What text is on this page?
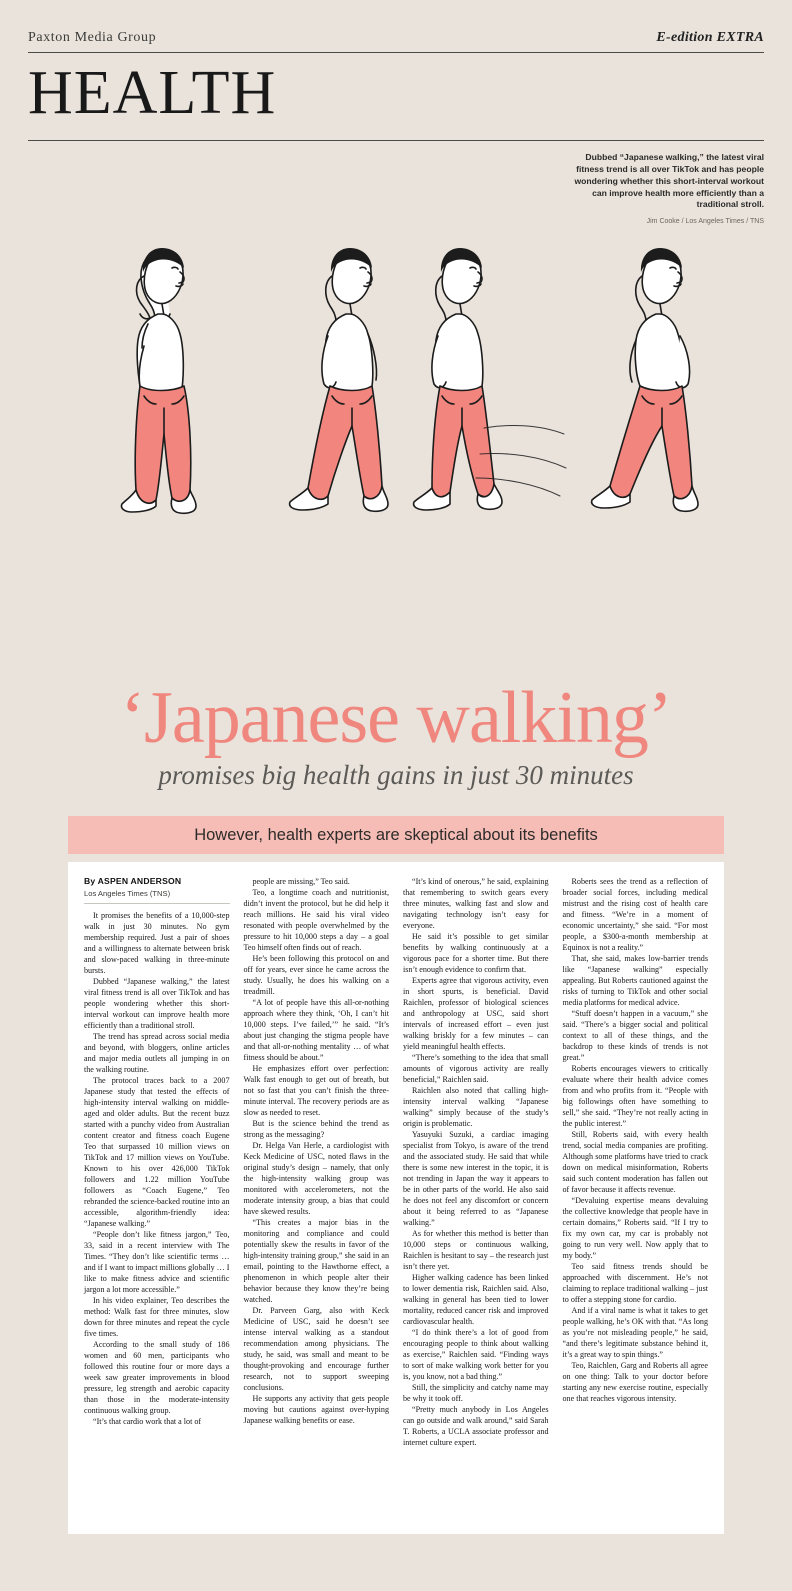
Paxton Media Group	E-edition EXTRA
HEALTH
Dubbed “Japanese walking,” the latest viral fitness trend is all over TikTok and has people wondering whether this short-interval workout can improve health more efficiently than a traditional stroll.
Jim Cooke / Los Angeles Times / TNS
‘Japanese walking’
promises big health gains in just 30 minutes
However, health experts are skeptical about its benefits
By ASPEN ANDERSON
Los Angeles Times (TNS)

It promises the benefits of a 10,000-step walk in just 30 minutes. No gym membership required. Just a pair of shoes and a willingness to alternate between brisk and slow-paced walking in three-minute bursts.

Dubbed “Japanese walking,” the latest viral fitness trend is all over TikTok and has people wondering whether this short-interval workout can improve health more efficiently than a traditional stroll.

The trend has spread across social media and beyond, with bloggers, online articles and major media outlets all jumping in on the walking routine.

The protocol traces back to a 2007 Japanese study that tested the effects of high-intensity interval walking on middle-aged and older adults. But the recent buzz started with a punchy video from Australian content creator and fitness coach Eugene Teo that surpassed 10 million views on TikTok and 17 million views on YouTube. Known to his over 426,000 TikTok followers and 1.22 million YouTube followers as “Coach Eugene,” Teo rebranded the science-backed routine into an accessible, algorithm-friendly idea: “Japanese walking.”

“People don’t like fitness jargon,” Teo, 33, said in a recent interview with The Times. “They don’t like scientific terms … and if I want to impact millions globally … I like to make fitness advice and scientific jargon a lot more accessible.”

In his video explainer, Teo describes the method: Walk fast for three minutes, slow down for three minutes and repeat the cycle five times.

According to the small study of 186 women and 60 men, participants who followed this routine four or more days a week saw greater improvements in blood pressure, leg strength and aerobic capacity than those in the moderate-intensity continuous walking group.

“It’s that cardio work that a lot of

people are missing,” Teo said.

Teo, a longtime coach and nutritionist, didn’t invent the protocol, but he did help it reach millions. He said his viral video resonated with people overwhelmed by the pressure to hit 10,000 steps a day – a goal Teo himself often finds out of reach.

He’s been following this protocol on and off for years, ever since he came across the study. Usually, he does his walking on a treadmill.

“A lot of people have this all-or-nothing approach where they think, ‘Oh, I can’t hit 10,000 steps. I’ve failed,’” he said. “It’s about just changing the stigma people have and that all-or-nothing mentality … of what fitness should be about.”

He emphasizes effort over perfection: Walk fast enough to get out of breath, but not so fast that you can’t finish the three-minute interval. The recovery periods are as slow as needed to reset.

But is the science behind the trend as strong as the messaging?

Dr. Helga Van Herle, a cardiologist with Keck Medicine of USC, noted flaws in the original study’s design – namely, that only the high-intensity walking group was monitored with accelerometers, not the moderate intensity group, a bias that could have skewed results.

“This creates a major bias in the monitoring and compliance and could potentially skew the results in favor of the high-intensity training group,” she said in an email, pointing to the Hawthorne effect, a phenomenon in which people alter their behavior because they know they’re being watched.

Dr. Parveen Garg, also with Keck Medicine of USC, said he doesn’t see intense interval walking as a standout recommendation among physicians. The study, he said, was small and meant to be thought-provoking and encourage further research, not to support sweeping conclusions.

He supports any activity that gets people moving but cautions against over-hyping Japanese walking benefits or ease.

“It’s kind of onerous,” he said, explaining that remembering to switch gears every three minutes, walking fast and slow and navigating technology isn’t easy for everyone.

He said it’s possible to get similar benefits by walking continuously at a vigorous pace for a shorter time. But there isn’t enough evidence to confirm that.

Experts agree that vigorous activity, even in short spurts, is beneficial. David Raichlen, professor of biological sciences and anthropology at USC, said short intervals of increased effort – even just walking briskly for a few minutes – can yield meaningful health effects.

“There’s something to the idea that small amounts of vigorous activity are really beneficial,” Raichlen said.

Raichlen also noted that calling high-intensity interval walking “Japanese walking” simply because of the study’s origin is problematic.

Yasuyuki Suzuki, a cardiac imaging specialist from Tokyo, is aware of the trend and the associated study. He said that while there is some new interest in the topic, it is not trending in Japan the way it appears to be in other parts of the world. He also said he does not feel any discomfort or concern about it being referred to as “Japanese walking.”

As for whether this method is better than 10,000 steps or continuous walking, Raichlen is hesitant to say – the research just isn’t there yet.

Higher walking cadence has been linked to lower dementia risk, Raichlen said. Also, walking in general has been tied to lower mortality, reduced cancer risk and improved cardiovascular health.

“I do think there’s a lot of good from encouraging people to think about walking as exercise,” Raichlen said. “Finding ways to sort of make walking work better for you is, you know, not a bad thing.”

Still, the simplicity and catchy name may be why it took off.

“Pretty much anybody in Los Angeles can go outside and walk around,” said Sarah T. Roberts, a UCLA associate professor and internet culture expert.

Roberts sees the trend as a reflection of broader social forces, including medical mistrust and the rising cost of health care and fitness. “We’re in a moment of economic uncertainty,” she said. “For most people, a $300-a-month membership at Equinox is not a reality.”

That, she said, makes low-barrier trends like “Japanese walking” especially appealing. But Roberts cautioned against the risks of turning to TikTok and other social media platforms for medical advice.

“Stuff doesn’t happen in a vacuum,” she said. “There’s a bigger social and political context to all of these things, and the backdrop to these kinds of trends is not great.”

Roberts encourages viewers to critically evaluate where their health advice comes from and who profits from it. “People with big followings often have something to sell,” she said. “They’re not really acting in the public interest.”

Still, Roberts said, with every health trend, social media companies are profiting. Although some platforms have tried to crack down on medical misinformation, Roberts said such content moderation has fallen out of favor because it affects revenue.

“Devaluing expertise means devaluing the collective knowledge that people have in certain domains,” Roberts said. “If I try to fix my own car, my car is probably not going to run very well. Now apply that to my body.”

Teo said fitness trends should be approached with discernment. He’s not claiming to replace traditional walking – just to offer a stepping stone for cardio.

And if a viral name is what it takes to get people walking, he’s OK with that. “As long as you’re not misleading people,” he said, “and there’s legitimate substance behind it, it’s a great way to spin things.”

Teo, Raichlen, Garg and Roberts all agree on one thing: Talk to your doctor before starting any new exercise routine, especially one that reaches vigorous intensity.
